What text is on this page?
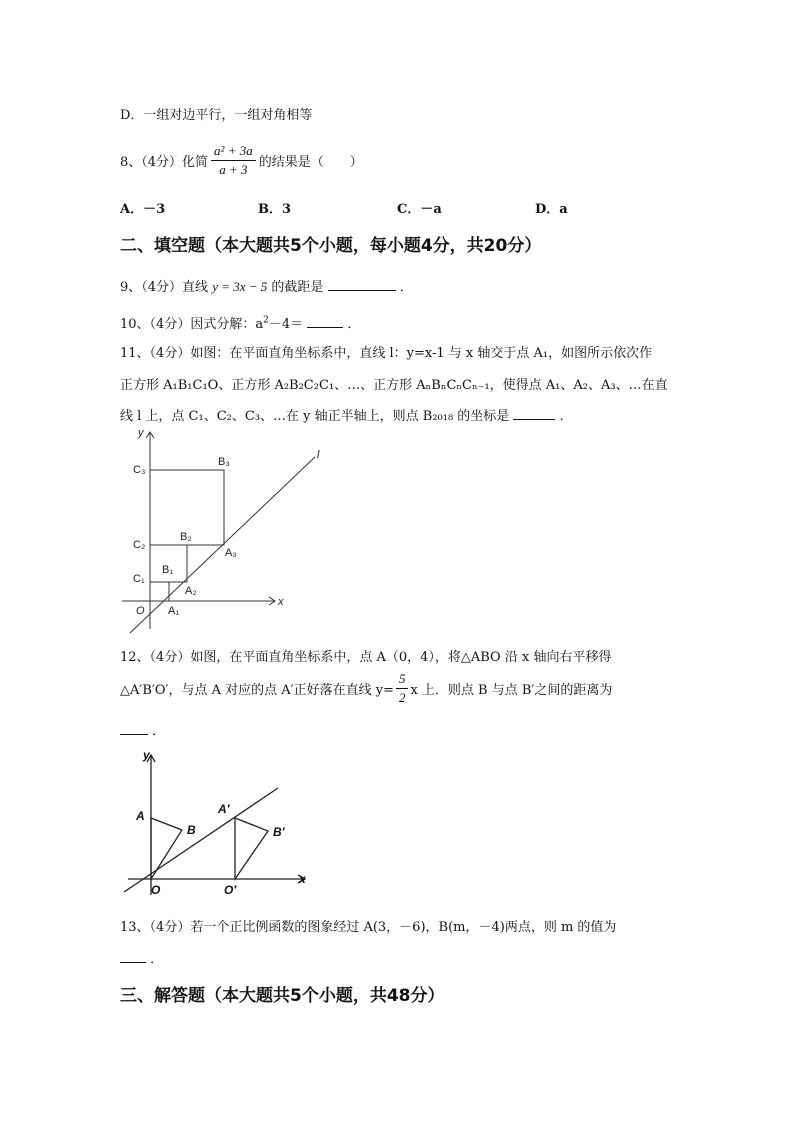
D．一组对边平行，一组对角相等
8、（4分）化简 $\frac{\text{a² + 3a}}{a + 3}$ 的结果是（　　）
A．－3	B．3	C．－a	D．a
二、填空题（本大题共5个小题，每小题4分，共20分）
9、（4分）直线 y = 3x − 5 的截距是	．
10、（4分）因式分解：$a^2-4=$	．
11、（4分）如图：在平面直角坐标系中，直线 l：y=x-1 与 x 轴交于点 A₁，如图所示依次作
正方形 A₁B₁C₁O、正方形 A₂B₂C₂C₁、…、正方形 AₙBₙCₙCₙ₋₁，使得点 A₁、A₂、A₃、…在直
线 l 上，点 C₁、C₂、C₃、…在 y 轴正半轴上，则点 B₂₀₁₈ 的坐标是	．
y
x
l
O
C₁
C₂
C₃
B₁
B₂
B₃
A₁
A₂
A₃
12、（4分）如图，在平面直角坐标系中，点 A（0，4），将△ABO 沿 x 轴向右平移得
△A′B′O′，与点 A 对应的点 A′正好落在直线 $y= \frac{5}{2}$ x 上．则点 B 与点 B′之间的距离为
．
y
x
O	O′
A
B
A′
B′
13、（4分）若一个正比例函数的图象经过 A(3，－6)，B(m，－4)两点，则 m 的值为
．
三、解答题（本大题共5个小题，共48分）
